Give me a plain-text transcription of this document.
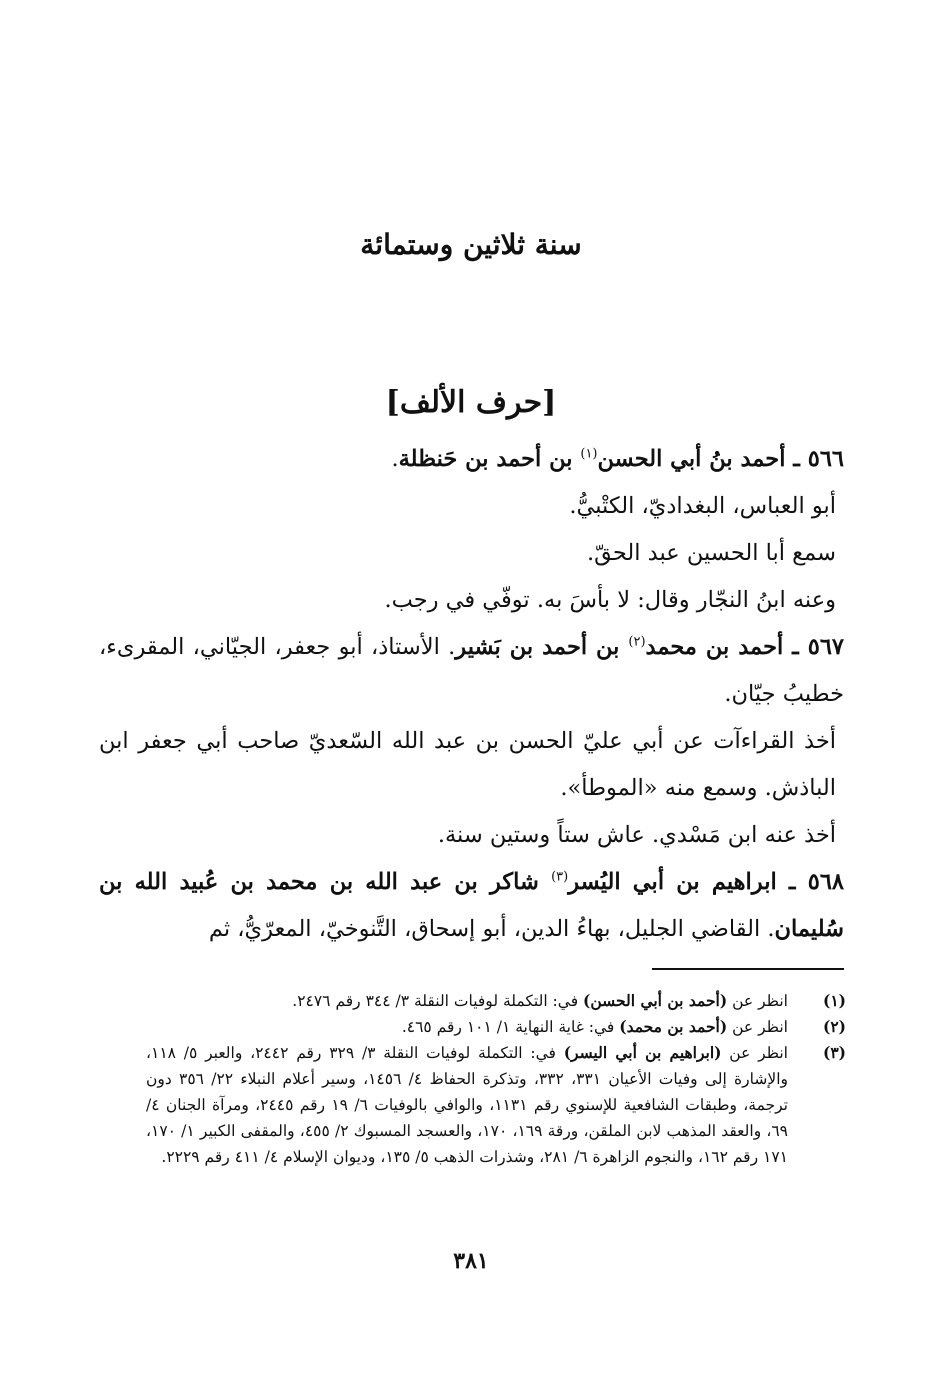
سنة ثلاثين وستمائة
[حرف الألف]

٥٦٦ ـ أحمد بنُ أبي الحسن$^{(١)}$ بن أحمد بن حَنظلة.

أبو العباس، البغداديّ، الكتْبيُّ.

سمع أبا الحسين عبد الحقّ.

وعنه ابنُ النجّار وقال: لا بأسَ به. توفّي في رجب.

٥٦٧ ـ أحمد بن محمد$^{(٢)}$ بن أحمد بن بَشير. الأستاذ، أبو جعفر، الجيّاني، المقرىء، خطيبُ جيّان.

أخذ القراءآت عن أبي عليّ الحسن بن عبد الله السّعديّ صاحب أبي جعفر ابن الباذش. وسمع منه «الموطأ».

أخذ عنه ابن مَسْدي. عاش ستاً وستين سنة.

٥٦٨ ـ ابراهيم بن أبي اليُسر$^{(٣)}$ شاكر بن عبد الله بن محمد بن عُبيد الله بن سُليمان. القاضي الجليل، بهاءُ الدين، أبو إسحاق، التَّنوخيّ، المعرّيُّ، ثم

(١)
انظر عن (أحمد بن أبي الحسن) في: التكملة لوفيات النقلة ٣/ ٣٤٤ رقم ٢٤٧٦.
(٢)
انظر عن (أحمد بن محمد) في: غاية النهاية ١/ ١٠١ رقم ٤٦٥.
(٣)
انظر عن (ابراهيم بن أبي اليسر) في: التكملة لوفيات النقلة ٣/ ٣٢٩ رقم ٢٤٤٢، والعبر ٥/ ١١٨، والإشارة إلى وفيات الأعيان ٣٣١، ٣٣٢، وتذكرة الحفاظ ٤/ ١٤٥٦، وسير أعلام النبلاء ٢٢/ ٣٥٦ دون ترجمة، وطبقات الشافعية للإسنوي رقم ١١٣١، والوافي بالوفيات ٦/ ١٩ رقم ٢٤٤٥، ومرآة الجنان ٤/ ٦٩، والعقد المذهب لابن الملقن، ورقة ١٦٩، ١٧٠، والعسجد المسبوك ٢/ ٤٥٥، والمقفى الكبير ١/ ١٧٠، ١٧١ رقم ١٦٢، والنجوم الزاهرة ٦/ ٢٨١، وشذرات الذهب ٥/ ١٣٥، وديوان الإسلام ٤/ ٤١١ رقم ٢٢٢٩.
٣٨١
